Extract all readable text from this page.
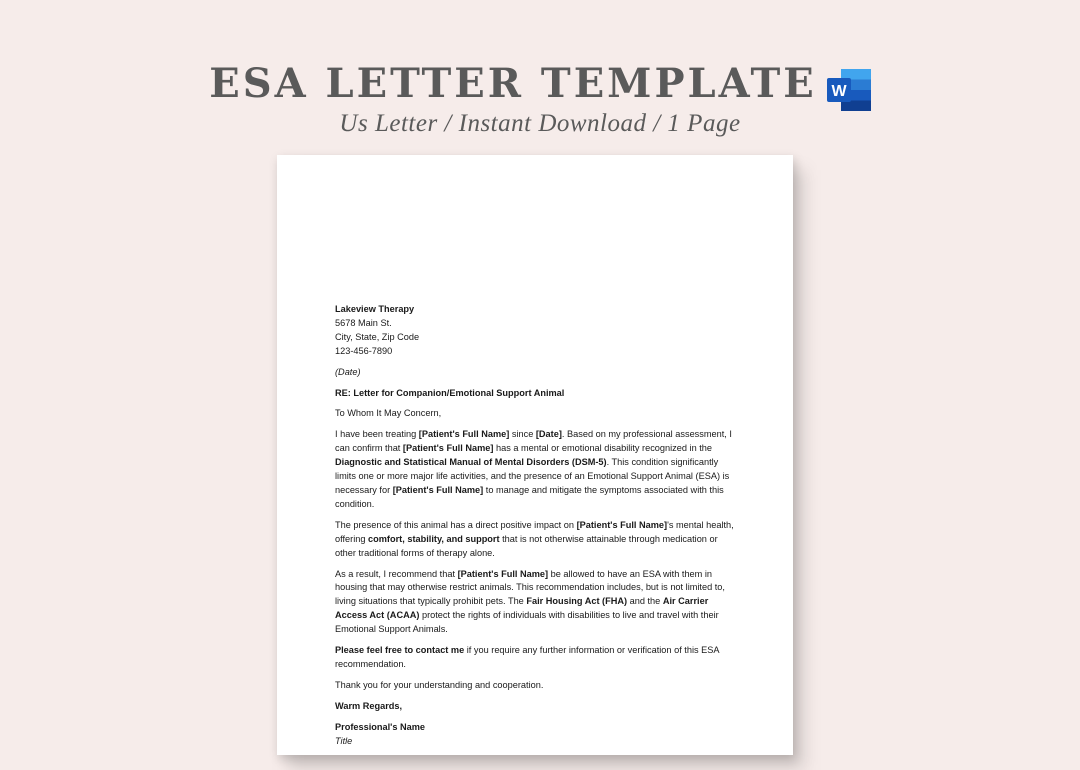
ESA LETTER TEMPLATE W
Us Letter / Instant Download / 1 Page

Lakeview Therapy
5678 Main St.
City, State, Zip Code
123-456-7890

(Date)

RE: Letter for Companion/Emotional Support Animal

To Whom It May Concern,

I have been treating [Patient's Full Name] since [Date]. Based on my professional assessment, I can confirm that [Patient's Full Name] has a mental or emotional disability recognized in the Diagnostic and Statistical Manual of Mental Disorders (DSM-5). This condition significantly limits one or more major life activities, and the presence of an Emotional Support Animal (ESA) is necessary for [Patient's Full Name] to manage and mitigate the symptoms associated with this condition.

The presence of this animal has a direct positive impact on [Patient's Full Name]'s mental health, offering comfort, stability, and support that is not otherwise attainable through medication or other traditional forms of therapy alone.

As a result, I recommend that [Patient's Full Name] be allowed to have an ESA with them in housing that may otherwise restrict animals. This recommendation includes, but is not limited to, living situations that typically prohibit pets. The Fair Housing Act (FHA) and the Air Carrier Access Act (ACAA) protect the rights of individuals with disabilities to live and travel with their Emotional Support Animals.

Please feel free to contact me if you require any further information or verification of this ESA recommendation.

Thank you for your understanding and cooperation.

Warm Regards,

Professional's Name
Title
